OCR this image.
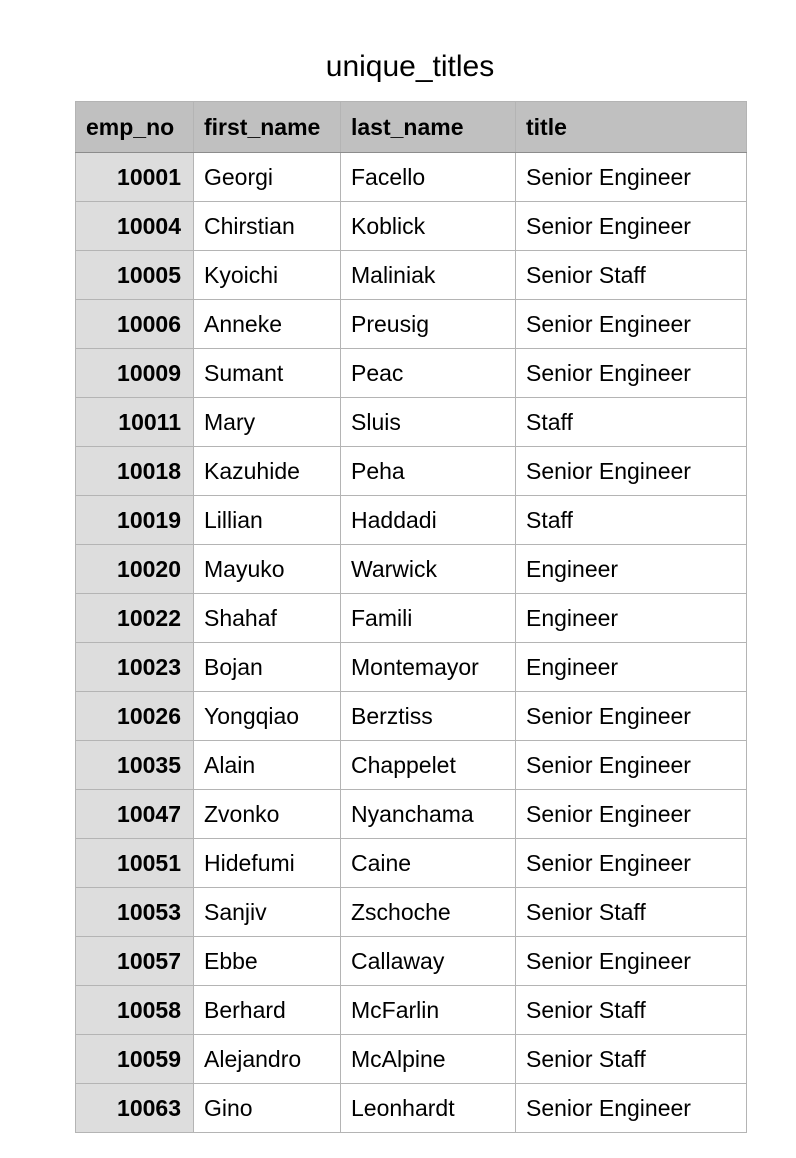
unique_titles
emp_no	first_name	last_name	title
10001	Georgi	Facello	Senior Engineer
10004	Chirstian	Koblick	Senior Engineer
10005	Kyoichi	Maliniak	Senior Staff
10006	Anneke	Preusig	Senior Engineer
10009	Sumant	Peac	Senior Engineer
10011	Mary	Sluis	Staff
10018	Kazuhide	Peha	Senior Engineer
10019	Lillian	Haddadi	Staff
10020	Mayuko	Warwick	Engineer
10022	Shahaf	Famili	Engineer
10023	Bojan	Montemayor	Engineer
10026	Yongqiao	Berztiss	Senior Engineer
10035	Alain	Chappelet	Senior Engineer
10047	Zvonko	Nyanchama	Senior Engineer
10051	Hidefumi	Caine	Senior Engineer
10053	Sanjiv	Zschoche	Senior Staff
10057	Ebbe	Callaway	Senior Engineer
10058	Berhard	McFarlin	Senior Staff
10059	Alejandro	McAlpine	Senior Staff
10063	Gino	Leonhardt	Senior Engineer
